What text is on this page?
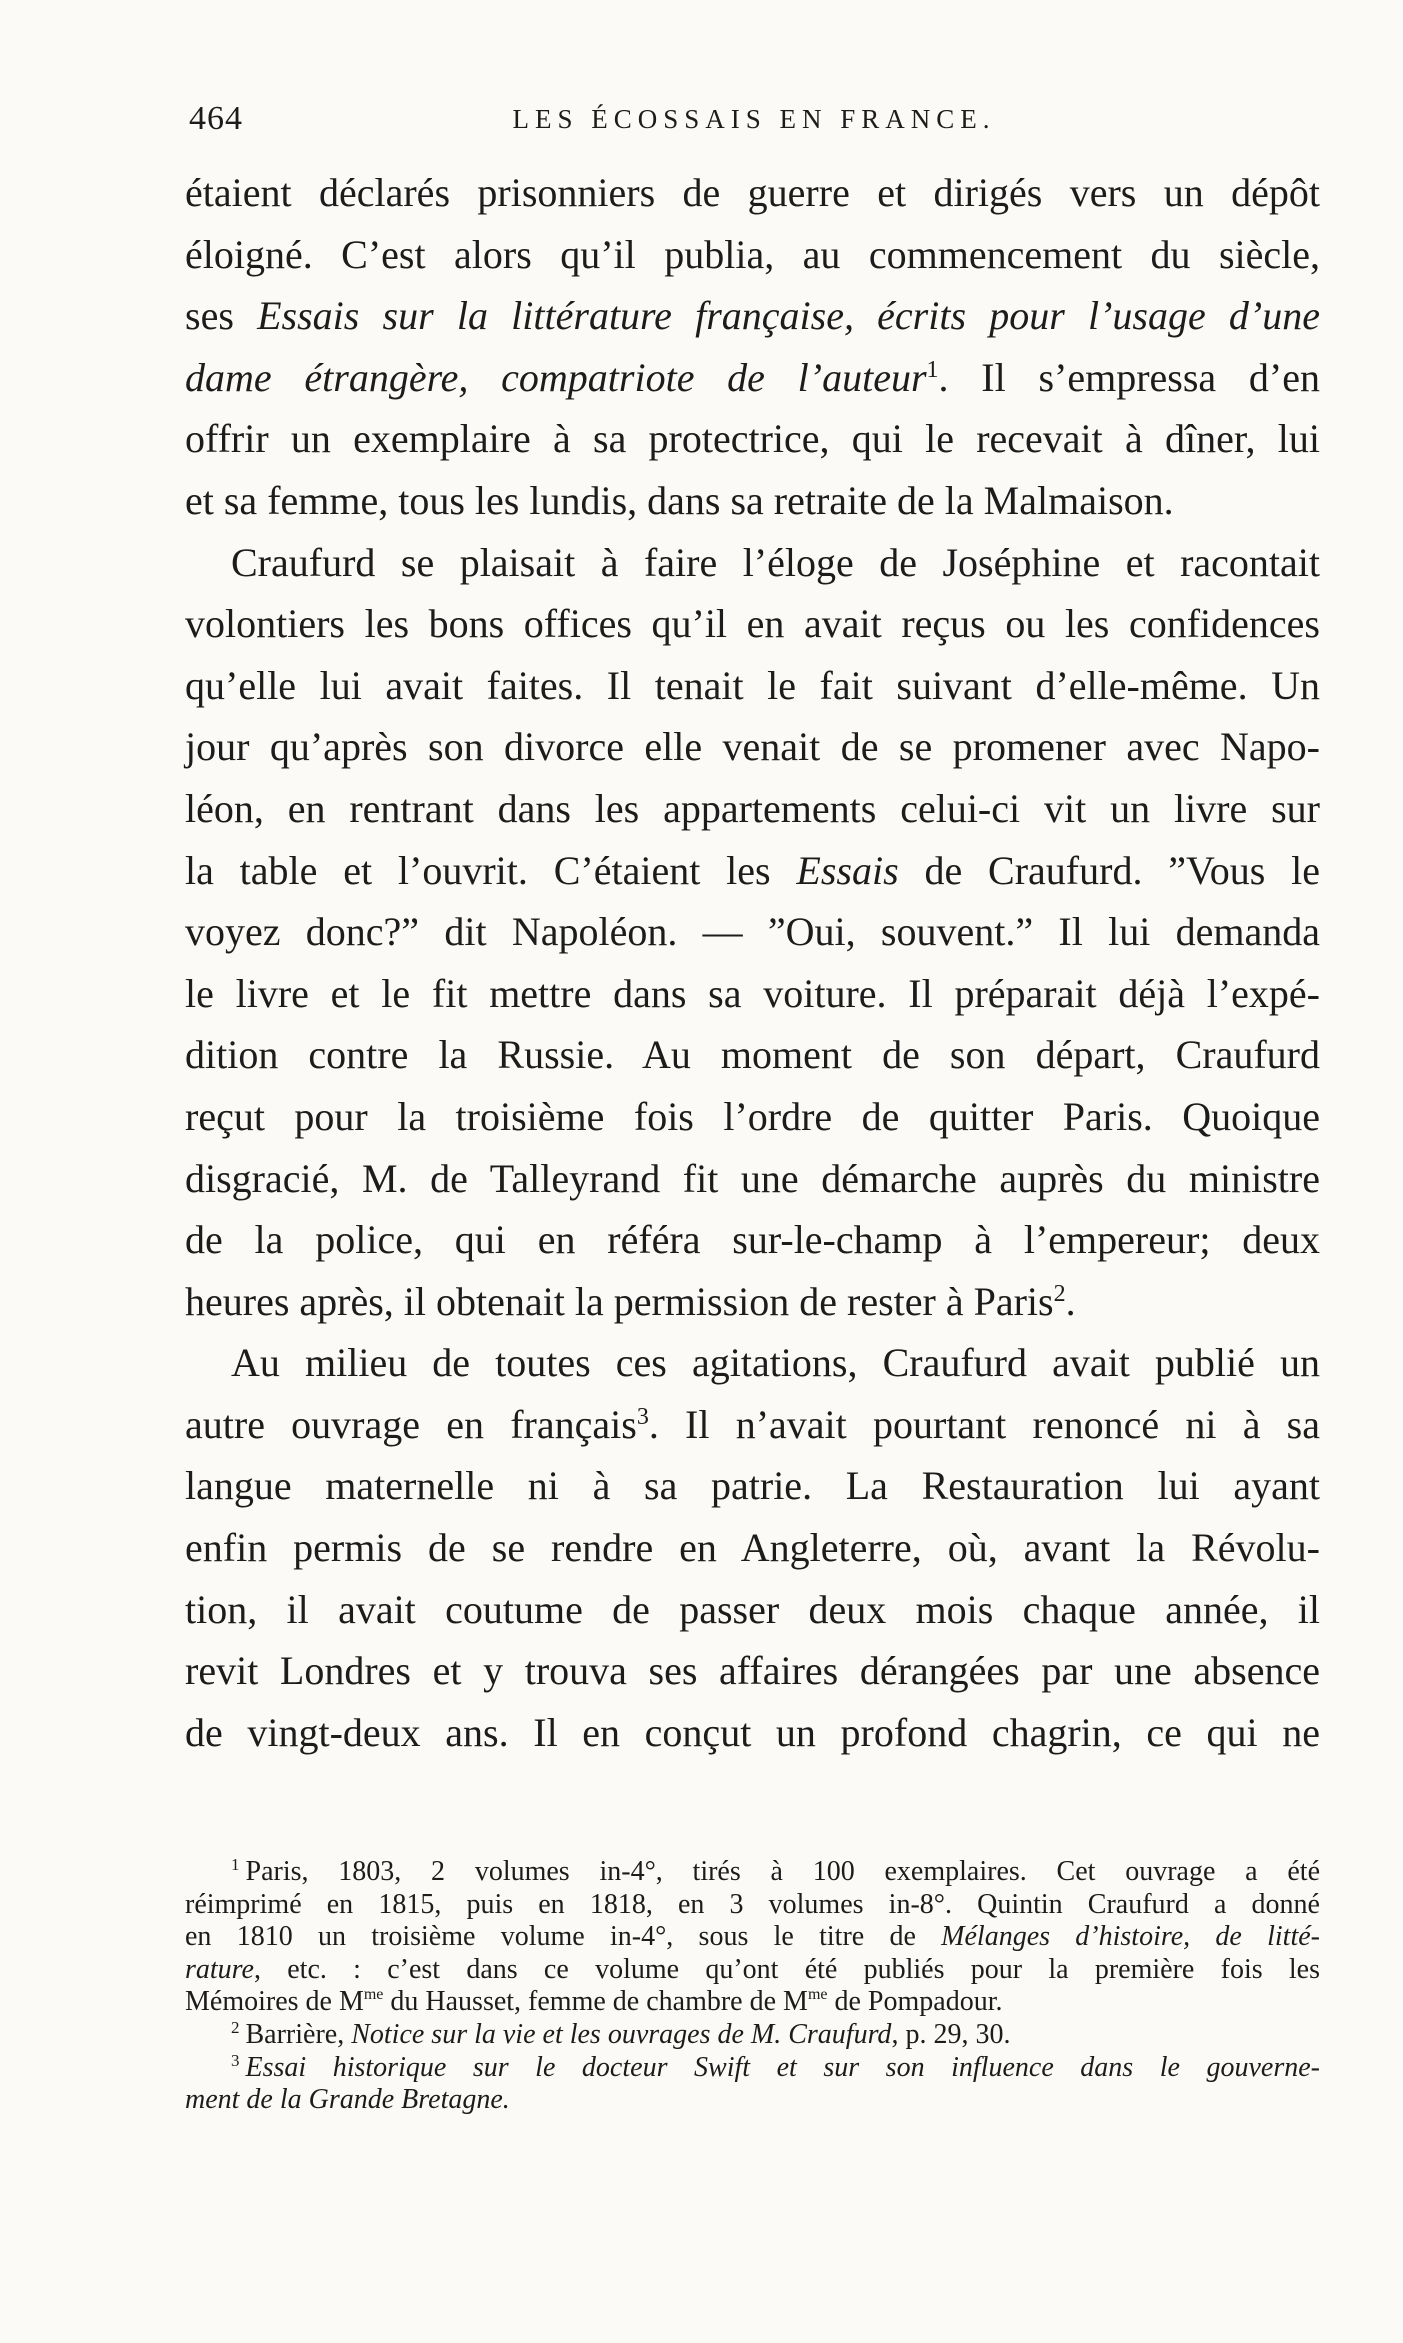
464	LES ÉCOSSAIS EN FRANCE.
étaient déclarés prisonniers de guerre et dirigés vers un dépôt
éloigné. C’est alors qu’il publia, au commencement du siècle,
ses Essais sur la littérature française, écrits pour l’usage d’une
dame étrangère, compatriote de l’auteur$^1$. Il s’empressa d’en
offrir un exemplaire à sa protectrice, qui le recevait à dîner, lui
et sa femme, tous les lundis, dans sa retraite de la Malmaison.
Craufurd se plaisait à faire l’éloge de Joséphine et racontait
volontiers les bons offices qu’il en avait reçus ou les confidences
qu’elle lui avait faites. Il tenait le fait suivant d’elle-même. Un
jour qu’après son divorce elle venait de se promener avec Napo-
léon, en rentrant dans les appartements celui-ci vit un livre sur
la table et l’ouvrit. C’étaient les Essais de Craufurd. ”Vous le
voyez donc?” dit Napoléon. — ”Oui, souvent.” Il lui demanda
le livre et le fit mettre dans sa voiture. Il préparait déjà l’expé-
dition contre la Russie. Au moment de son départ, Craufurd
reçut pour la troisième fois l’ordre de quitter Paris. Quoique
disgracié, M. de Talleyrand fit une démarche auprès du ministre
de la police, qui en référa sur-le-champ à l’empereur; deux
heures après, il obtenait la permission de rester à Paris$^2$.
Au milieu de toutes ces agitations, Craufurd avait publié un
autre ouvrage en français$^3$. Il n’avait pourtant renoncé ni à sa
langue maternelle ni à sa patrie. La Restauration lui ayant
enfin permis de se rendre en Angleterre, où, avant la Révolu-
tion, il avait coutume de passer deux mois chaque année, il
revit Londres et y trouva ses affaires dérangées par une absence
de vingt-deux ans. Il en conçut un profond chagrin, ce qui ne
$^1$ Paris, 1803, 2 volumes in-4°, tirés à 100 exemplaires. Cet ouvrage a été
réimprimé en 1815, puis en 1818, en 3 volumes in-8°. Quintin Craufurd a donné
en 1810 un troisième volume in-4°, sous le titre de Mélanges d’histoire, de litté-
rature, etc. : c’est dans ce volume qu’ont été publiés pour la première fois les
Mémoires de $M^{me}$ du Hausset, femme de chambre de $M^{me}$ de Pompadour.
$^2$ Barrière, Notice sur la vie et les ouvrages de M. Craufurd, p. 29, 30.
$^3$ Essai historique sur le docteur Swift et sur son influence dans le gouverne-
ment de la Grande Bretagne.
